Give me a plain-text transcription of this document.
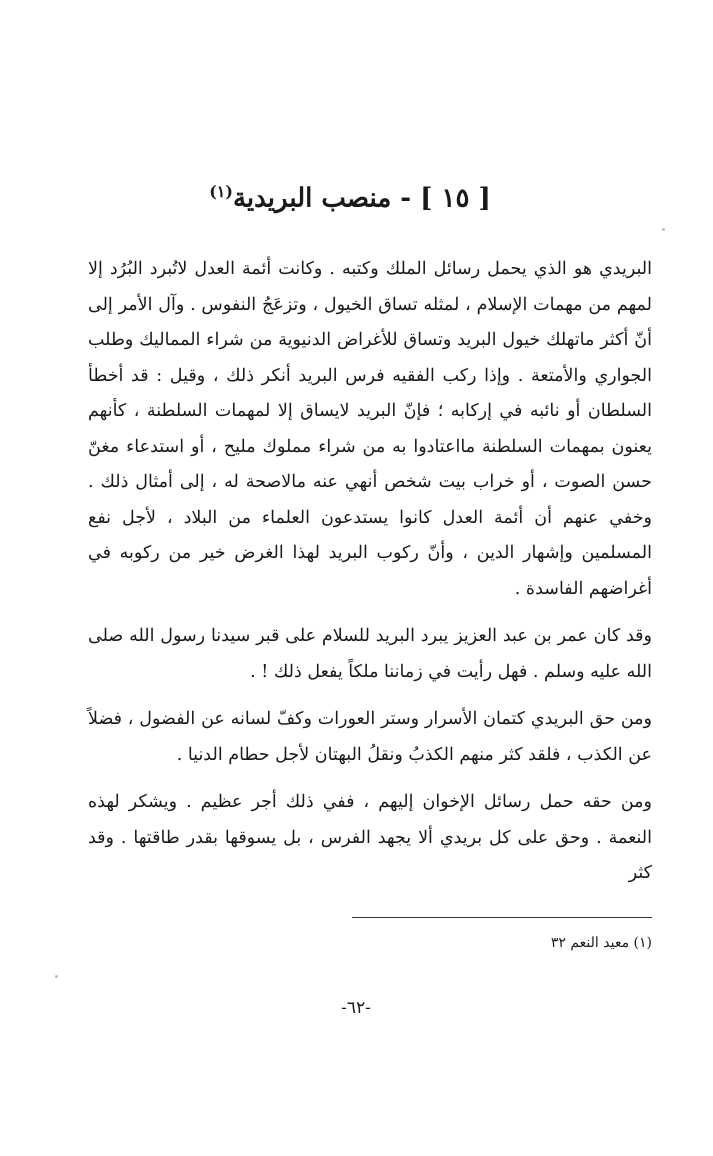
[ ١٥ ] - منصب البريدية$^{(١)}$

البريدي هو الذي يحمل رسائل الملك وكتبه . وكانت أئمة العدل لاتُبرد البُرُد إلا لمهم من مهمات الإسلام ، لمثله تساق الخيول ، وتزعَجُ النفوس . وآل الأمر إلى أنّ أكثر ماتهلك خيول البريد وتساق للأغراض الدنيوية من شراء المماليك وطلب الجواري والأمتعة . وإذا ركب الفقيه فرس البريد أنكر ذلك ، وقيل : قد أخطأ السلطان أو نائبه في إركابه ؛ فإنّ البريد لايساق إلا لمهمات السلطنة ، كأنهم يعنون بمهمات السلطنة مااعتادوا به من شراء مملوك مليح ، أو استدعاء مغنّ حسن الصوت ، أو خراب بيت شخص أنهي عنه مالاصحة له ، إلى أمثال ذلك . وخفي عنهم أن أئمة العدل كانوا يستدعون العلماء من البلاد ، لأجل نفع المسلمين وإشهار الدين ، وأنّ ركوب البريد لهذا الغرض خير من ركوبه في أغراضهم الفاسدة .

وقد كان عمر بن عبد العزيز يبرد البريد للسلام على قبر سيدنا رسول الله صلى الله عليه وسلم . فهل رأيت في زماننا ملكاً يفعل ذلك ! .

ومن حق البريدي كتمان الأسرار وستر العورات وكفّ لسانه عن الفضول ، فضلاً عن الكذب ، فلقد كثر منهم الكذبُ ونقلُ البهتان لأجل حطام الدنيا .

ومن حقه حمل رسائل الإخوان إليهم ، ففي ذلك أجر عظيم . ويشكر لهذه النعمة . وحق على كل بريدي ألا يجهد الفرس ، بل يسوقها بقدر طاقتها . وقد كثر

(١) معيد النعم ٣٢
-٦٢-
